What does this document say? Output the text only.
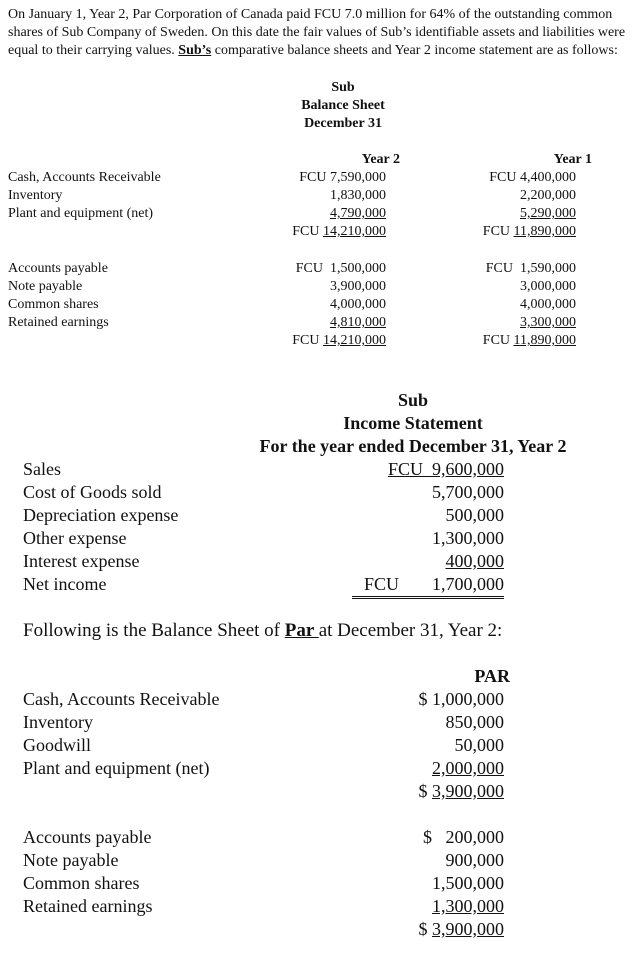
On January 1, Year 2, Par Corporation of Canada paid FCU 7.0 million for 64% of the outstanding common shares of Sub Company of Sweden. On this date the fair values of Sub’s identifiable assets and liabilities were equal to their carrying values. Sub’s comparative balance sheets and Year 2 income statement are as follows:

Sub
Balance Sheet
December 31
Year 2	Year 1
Cash, Accounts Receivable
Inventory
Plant and equipment (net)
FCU 7,590,000
1,830,000
4,790,000
FCU 14,210,000
FCU 4,400,000
2,200,000
5,290,000
FCU 11,890,000
Accounts payable
Note payable
Common shares
Retained earnings
FCU  1,500,000
3,900,000
4,000,000
4,810,000
FCU 14,210,000
FCU  1,590,000
3,000,000
4,000,000
3,300,000
FCU 11,890,000
Sub
Income Statement
For the year ended December 31, Year 2
Sales
Cost of Goods sold
Depreciation expense
Other expense
Interest expense
Net income
FCU  9,600,000
5,700,000
500,000
1,300,000
400,000
FCU 1,700,000
Following is the Balance Sheet of Par at December 31, Year 2:
PAR
Cash, Accounts Receivable
Inventory
Goodwill
Plant and equipment (net)
$ 1,000,000
850,000
50,000
2,000,000
$ 3,900,000
Accounts payable
Note payable
Common shares
Retained earnings
$   200,000
900,000
1,500,000
1,300,000
$ 3,900,000
